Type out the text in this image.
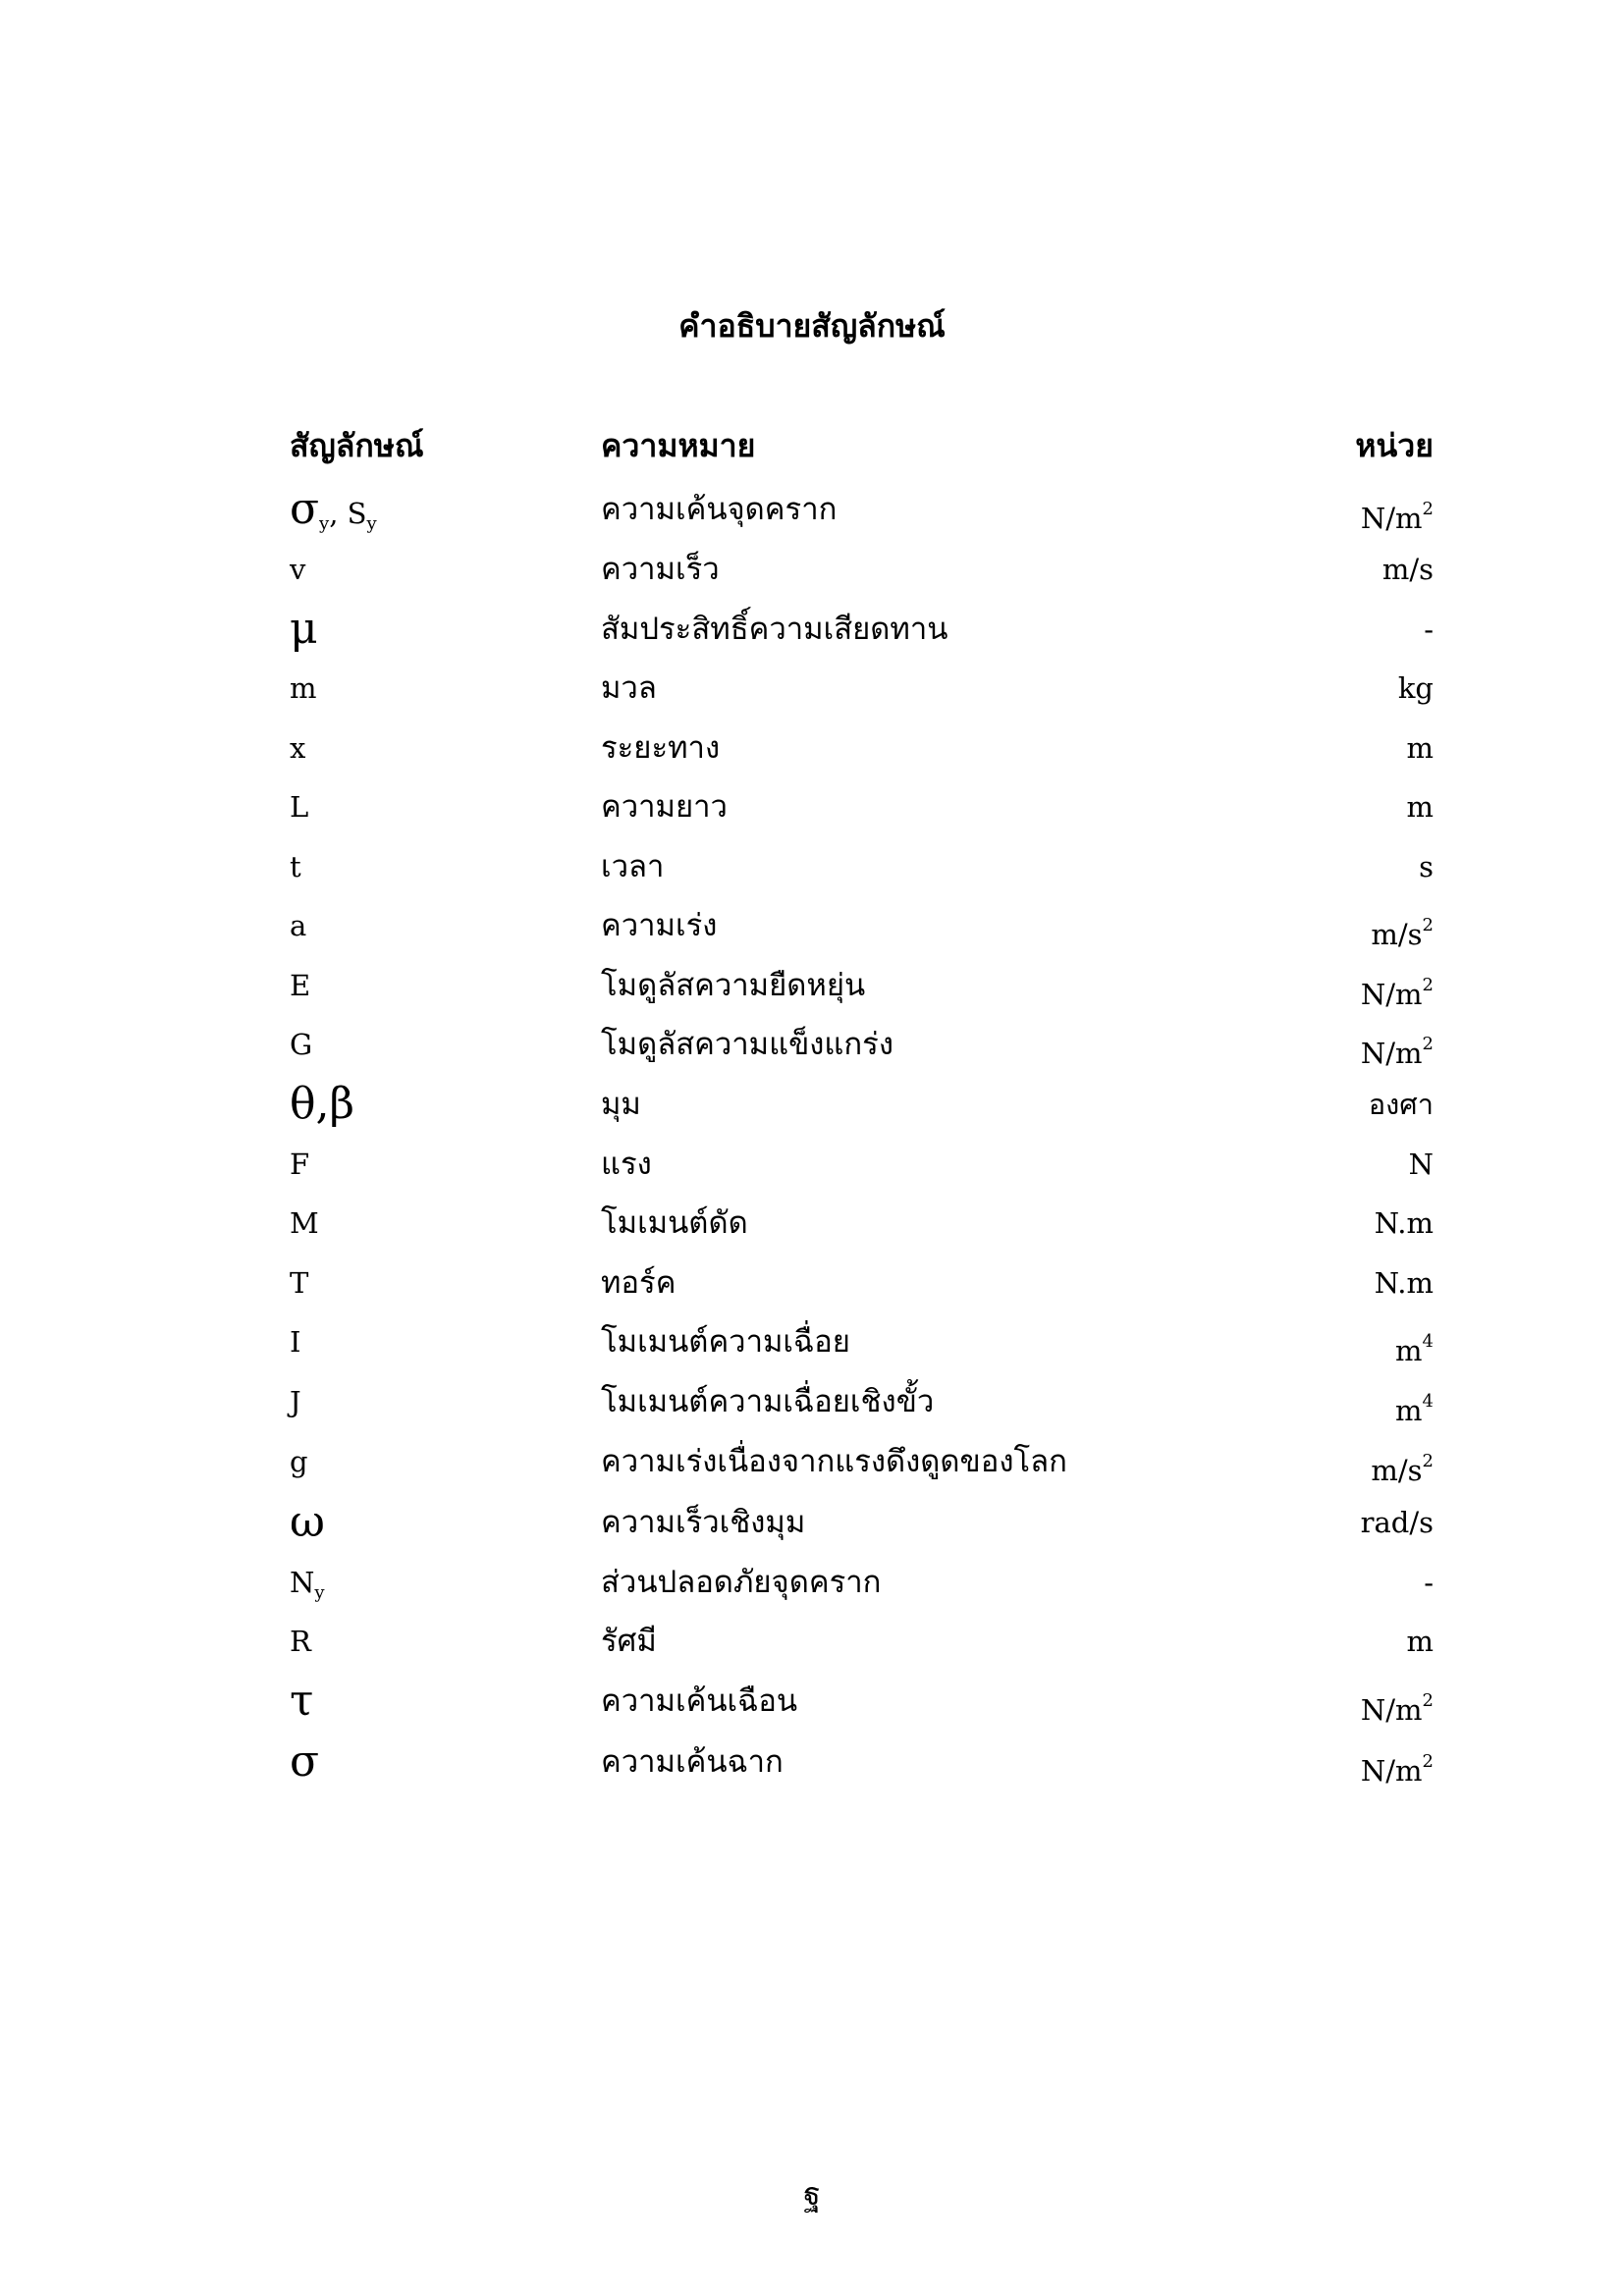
คำอธิบายสัญลักษณ์
สัญลักษณ์	ความหมาย	หน่วย
$\sigma_y$, $S_y$	ความเค้นจุดคราก	$N/m^2$
v	ความเร็ว	m/s
μ	สัมประสิทธิ์ความเสียดทาน	-
m	มวล	kg
x	ระยะทาง	m
L	ความยาว	m
t	เวลา	s
a	ความเร่ง	$m/s^2$
E	โมดูลัสความยืดหยุ่น	$N/m^2$
G	โมดูลัสความแข็งแกร่ง	$N/m^2$
θ,β	มุม	องศา
F	แรง	N
M	โมเมนต์ดัด	N.m
T	ทอร์ค	N.m
I	โมเมนต์ความเฉื่อย	$m^4$
J	โมเมนต์ความเฉื่อยเชิงขั้ว	$m^4$
g	ความเร่งเนื่องจากแรงดึงดูดของโลก	$m/s^2$
ω	ความเร็วเชิงมุม	rad/s
$N_y$	ส่วนปลอดภัยจุดคราก	-
R	รัศมี	m
τ	ความเค้นเฉือน	$N/m^2$
σ	ความเค้นฉาก	$N/m^2$
ฐ
